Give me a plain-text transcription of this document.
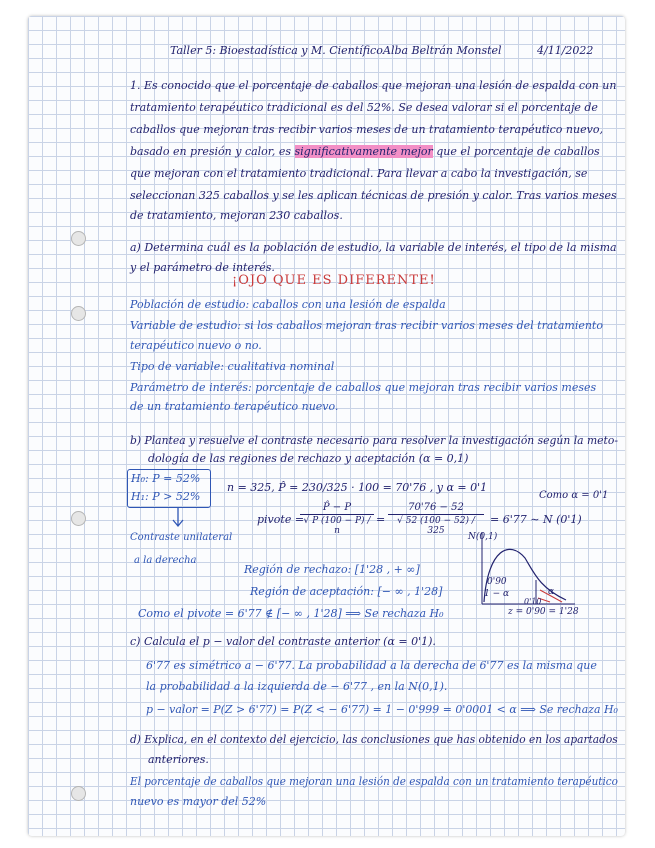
Taller 5: Bioestadística y M. Científico Alba Beltrán Monstel	4/11/2022
1. Es conocido que el porcentaje de caballos que mejoran una lesión de espalda con un
tratamiento terapéutico tradicional es del 52%. Se desea valorar si el porcentaje de
caballos que mejoran tras recibir varios meses de un tratamiento terapéutico nuevo,
basado en presión y calor, es significativamente mejor que el porcentaje de caballos
que mejoran con el tratamiento tradicional. Para llevar a cabo la investigación, se
seleccionan 325 caballos y se les aplican técnicas de presión y calor. Tras varios meses
de tratamiento, mejoran 230 caballos.
a) Determina cuál es la población de estudio, la variable de interés, el tipo de la misma
y el parámetro de interés.
¡OJO QUE ES DIFERENTE!
Población de estudio: caballos con una lesión de espalda
Variable de estudio: si los caballos mejoran tras recibir varios meses del tratamiento
terapéutico nuevo o no.
Tipo de variable: cualitativa nominal
Parámetro de interés: porcentaje de caballos que mejoran tras recibir varios meses
de un tratamiento terapéutico nuevo.
b) Plantea y resuelve el contraste necesario para resolver la investigación según la meto-
dología de las regiones de rechazo y aceptación (α = 0,1)
H₀: P = 52%
H₁: P > 52%
Contraste unilateral
a la derecha
n = 325, P̂ = 230/325 · 100 = 70'76 , y α = 0'1
Como α = 0'1
pivote =
P̂ − P
√ P (100 − P) / n
=
70'76 − 52
√ 52 (100 − 52) / 325
= 6'77 ∼ N (0'1)
N(0,1)
0'90
1 − α	α
0'10
z = 0'90 = 1'28
Región de rechazo: [1'28 , + ∞]
Región de aceptación: [− ∞ , 1'28]
Como el pivote = 6'77 ∉ [− ∞ , 1'28] ⟹ Se rechaza H₀
c) Calcula el p − valor del contraste anterior (α = 0'1).
6'77 es simétrico a − 6'77. La probabilidad a la derecha de 6'77 es la misma que
la probabilidad a la izquierda de − 6'77 , en la N(0,1).
p − valor = P(Z > 6'77) = P(Z < − 6'77) = 1 − 0'999 = 0'0001 < α ⟹ Se rechaza H₀
d) Explica, en el contexto del ejercicio, las conclusiones que has obtenido en los apartados
anteriores.
El porcentaje de caballos que mejoran una lesión de espalda con un tratamiento terapéutico
nuevo es mayor del 52%
